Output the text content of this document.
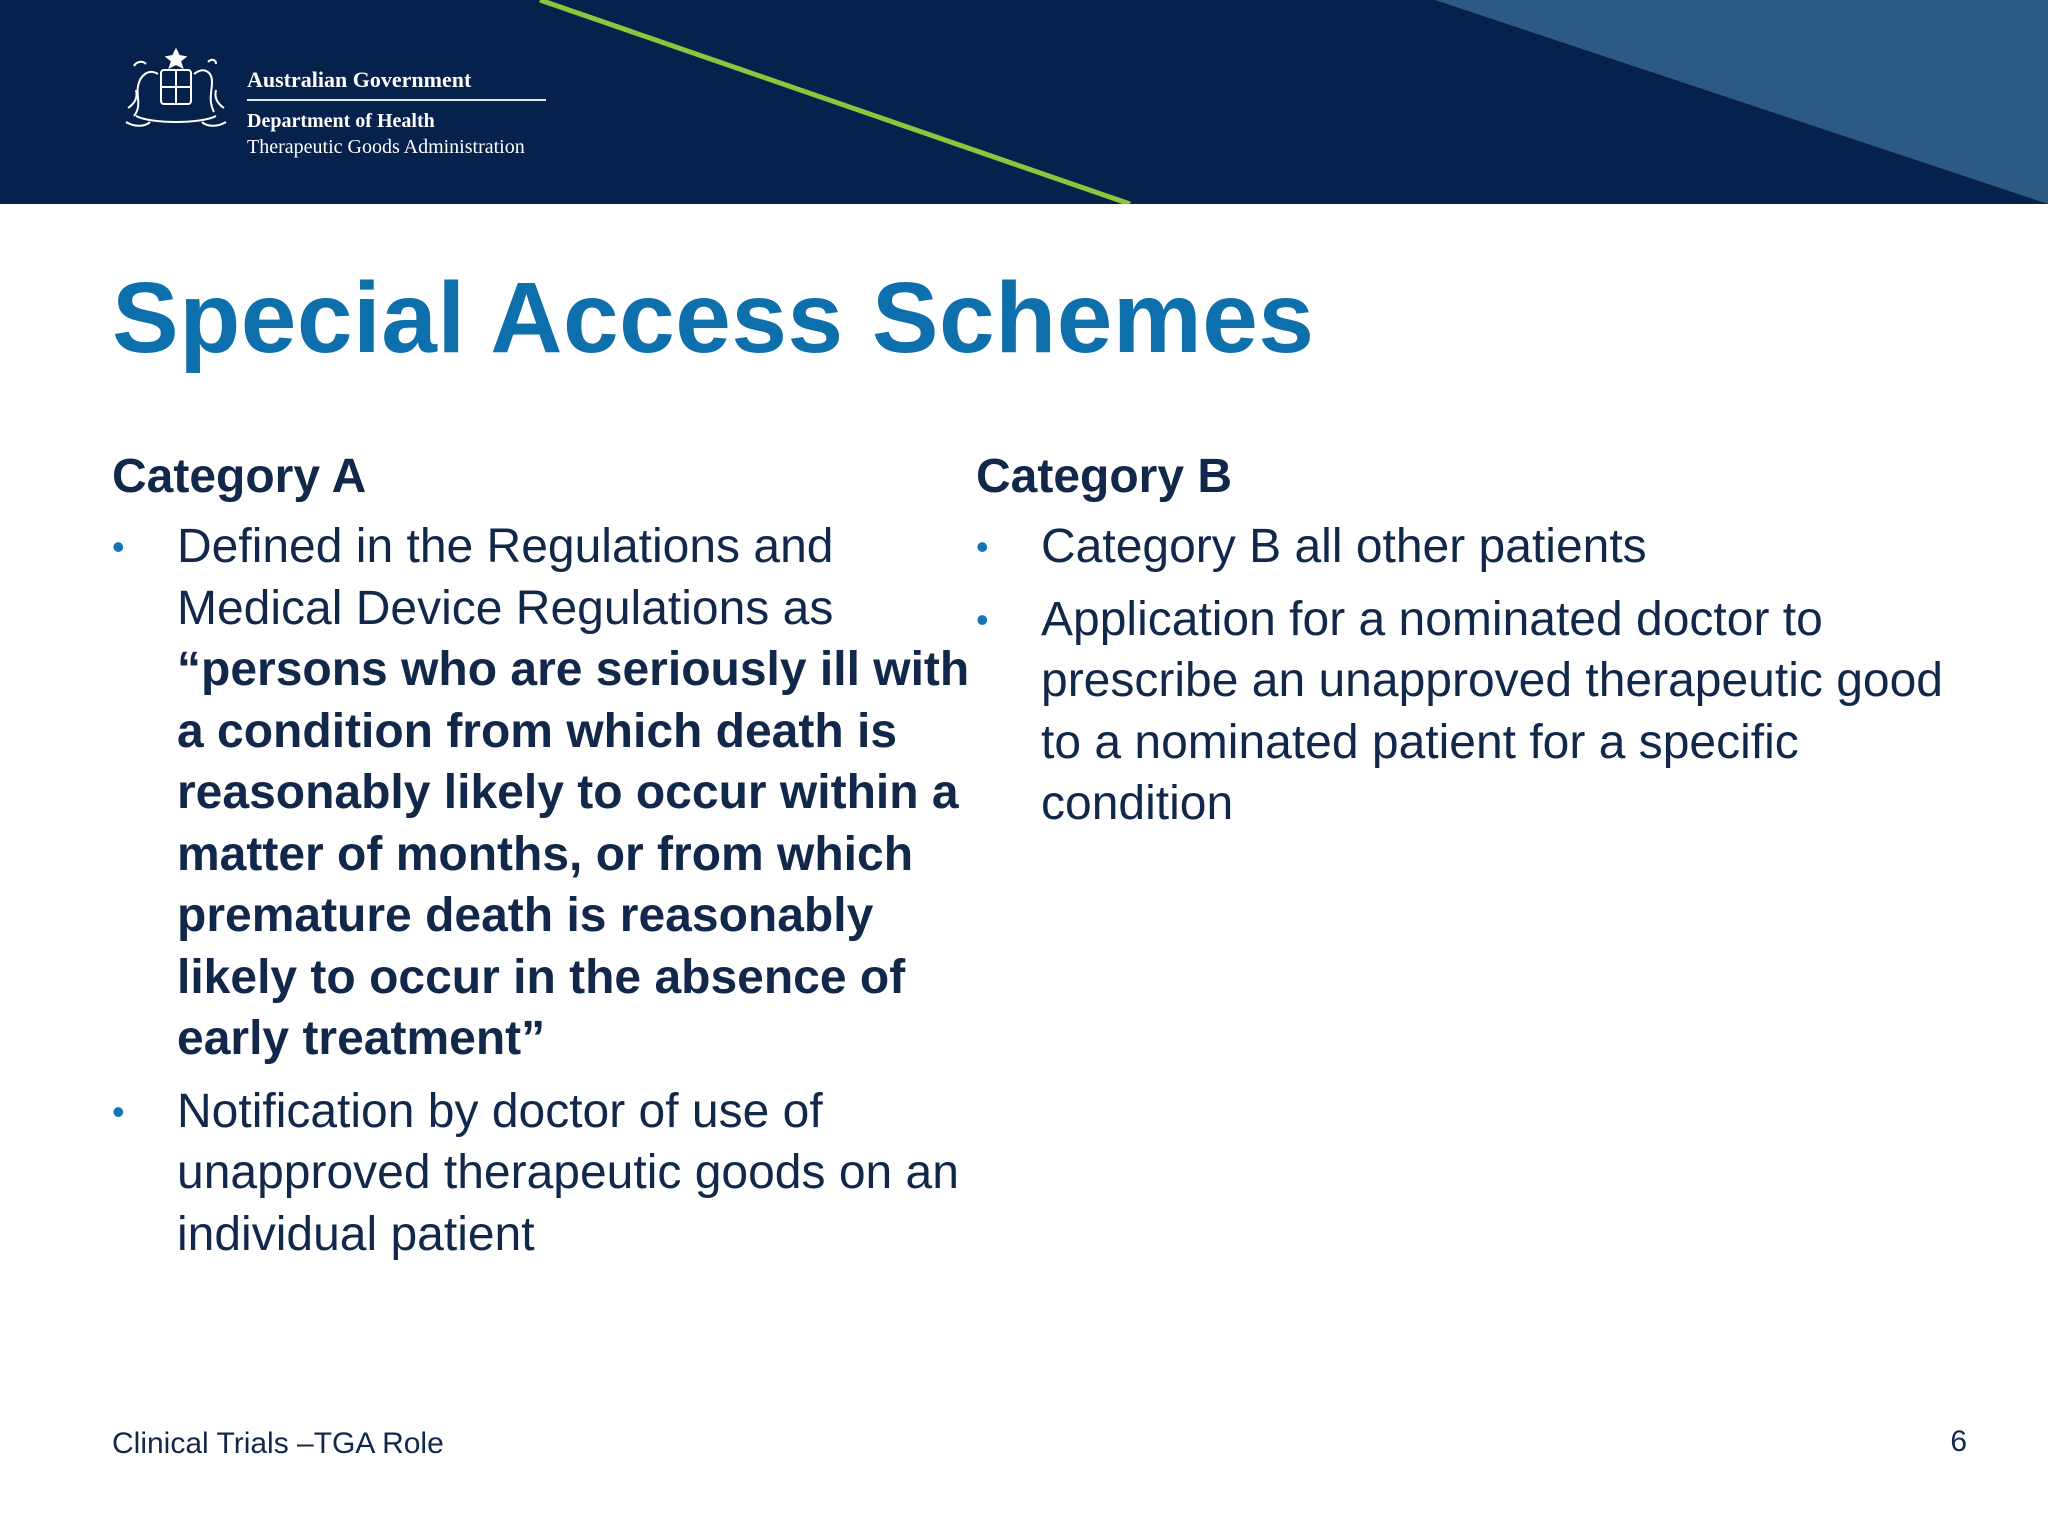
Australian Government
Department of Health
Therapeutic Goods Administration
Special Access Schemes
Category A
• Defined in the Regulations and Medical Device Regulations as “persons who are seriously ill with a condition from which death is reasonably likely to occur within a matter of months, or from which premature death is reasonably likely to occur in the absence of early treatment”
• Notification by doctor of use of unapproved therapeutic goods on an individual patient
Category B
• Category B all other patients
• Application for a nominated doctor to prescribe an unapproved therapeutic good to a nominated patient for a specific condition
Clinical Trials –TGA Role	6
